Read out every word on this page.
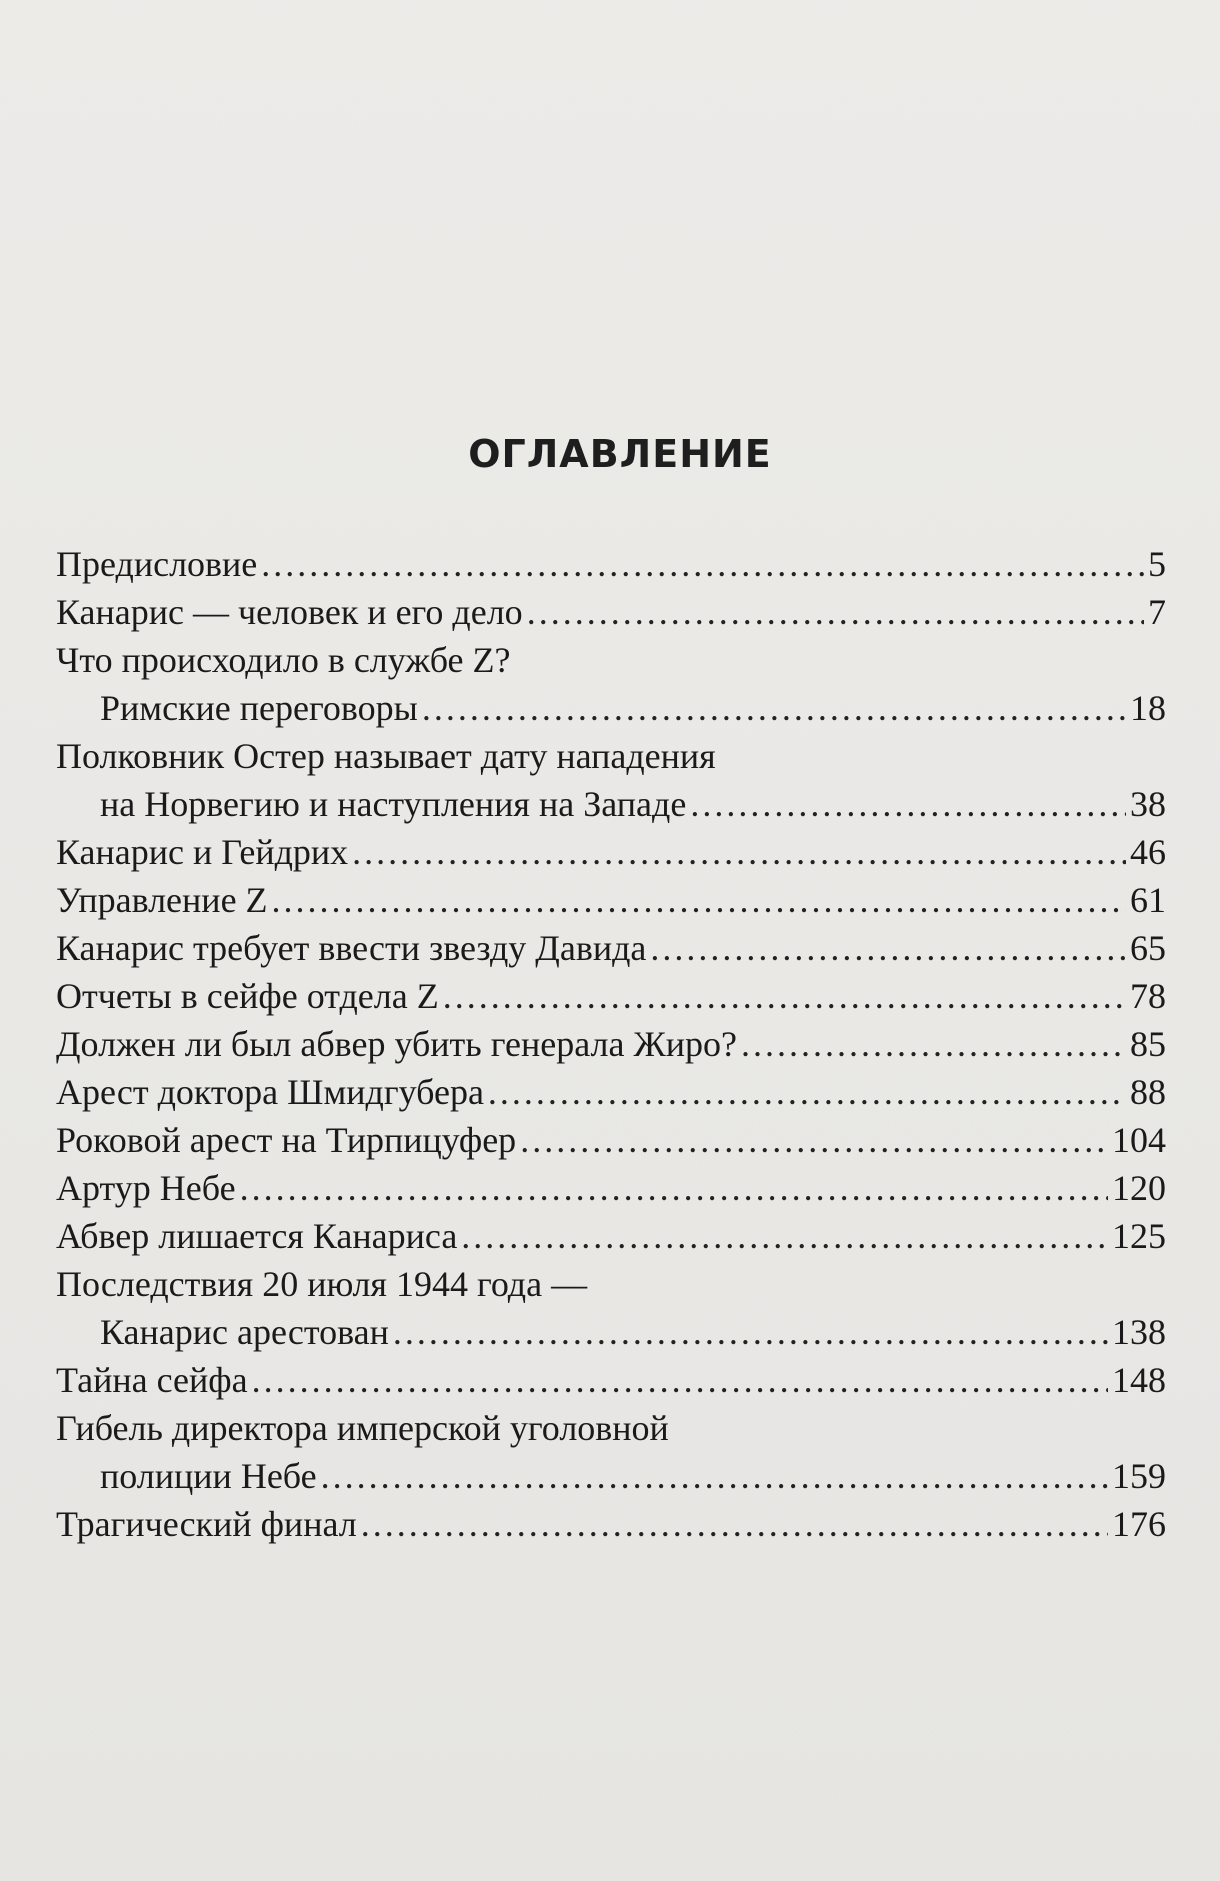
ОГЛАВЛЕНИЕ
Предисловие .....	5
Канарис — человек и его дело .....	7
Что происходило в службе Z?
Римские переговоры .....	18
Полковник Остер называет дату нападения
на Норвегию и наступления на Западе .....	38
Канарис и Гейдрих .....	46
Управление Z .....	61
Канарис требует ввести звезду Давида .....	65
Отчеты в сейфе отдела Z .....	78
Должен ли был абвер убить генерала Жиро? .....	85
Арест доктора Шмидгубера .....	88
Роковой арест на Тирпицуфер .....	104
Артур Небе .....	120
Абвер лишается Канариса .....	125
Последствия 20 июля 1944 года —
Канарис арестован .....	138
Тайна сейфа .....	148
Гибель директора имперской уголовной
полиции Небе .....	159
Трагический финал .....	176
